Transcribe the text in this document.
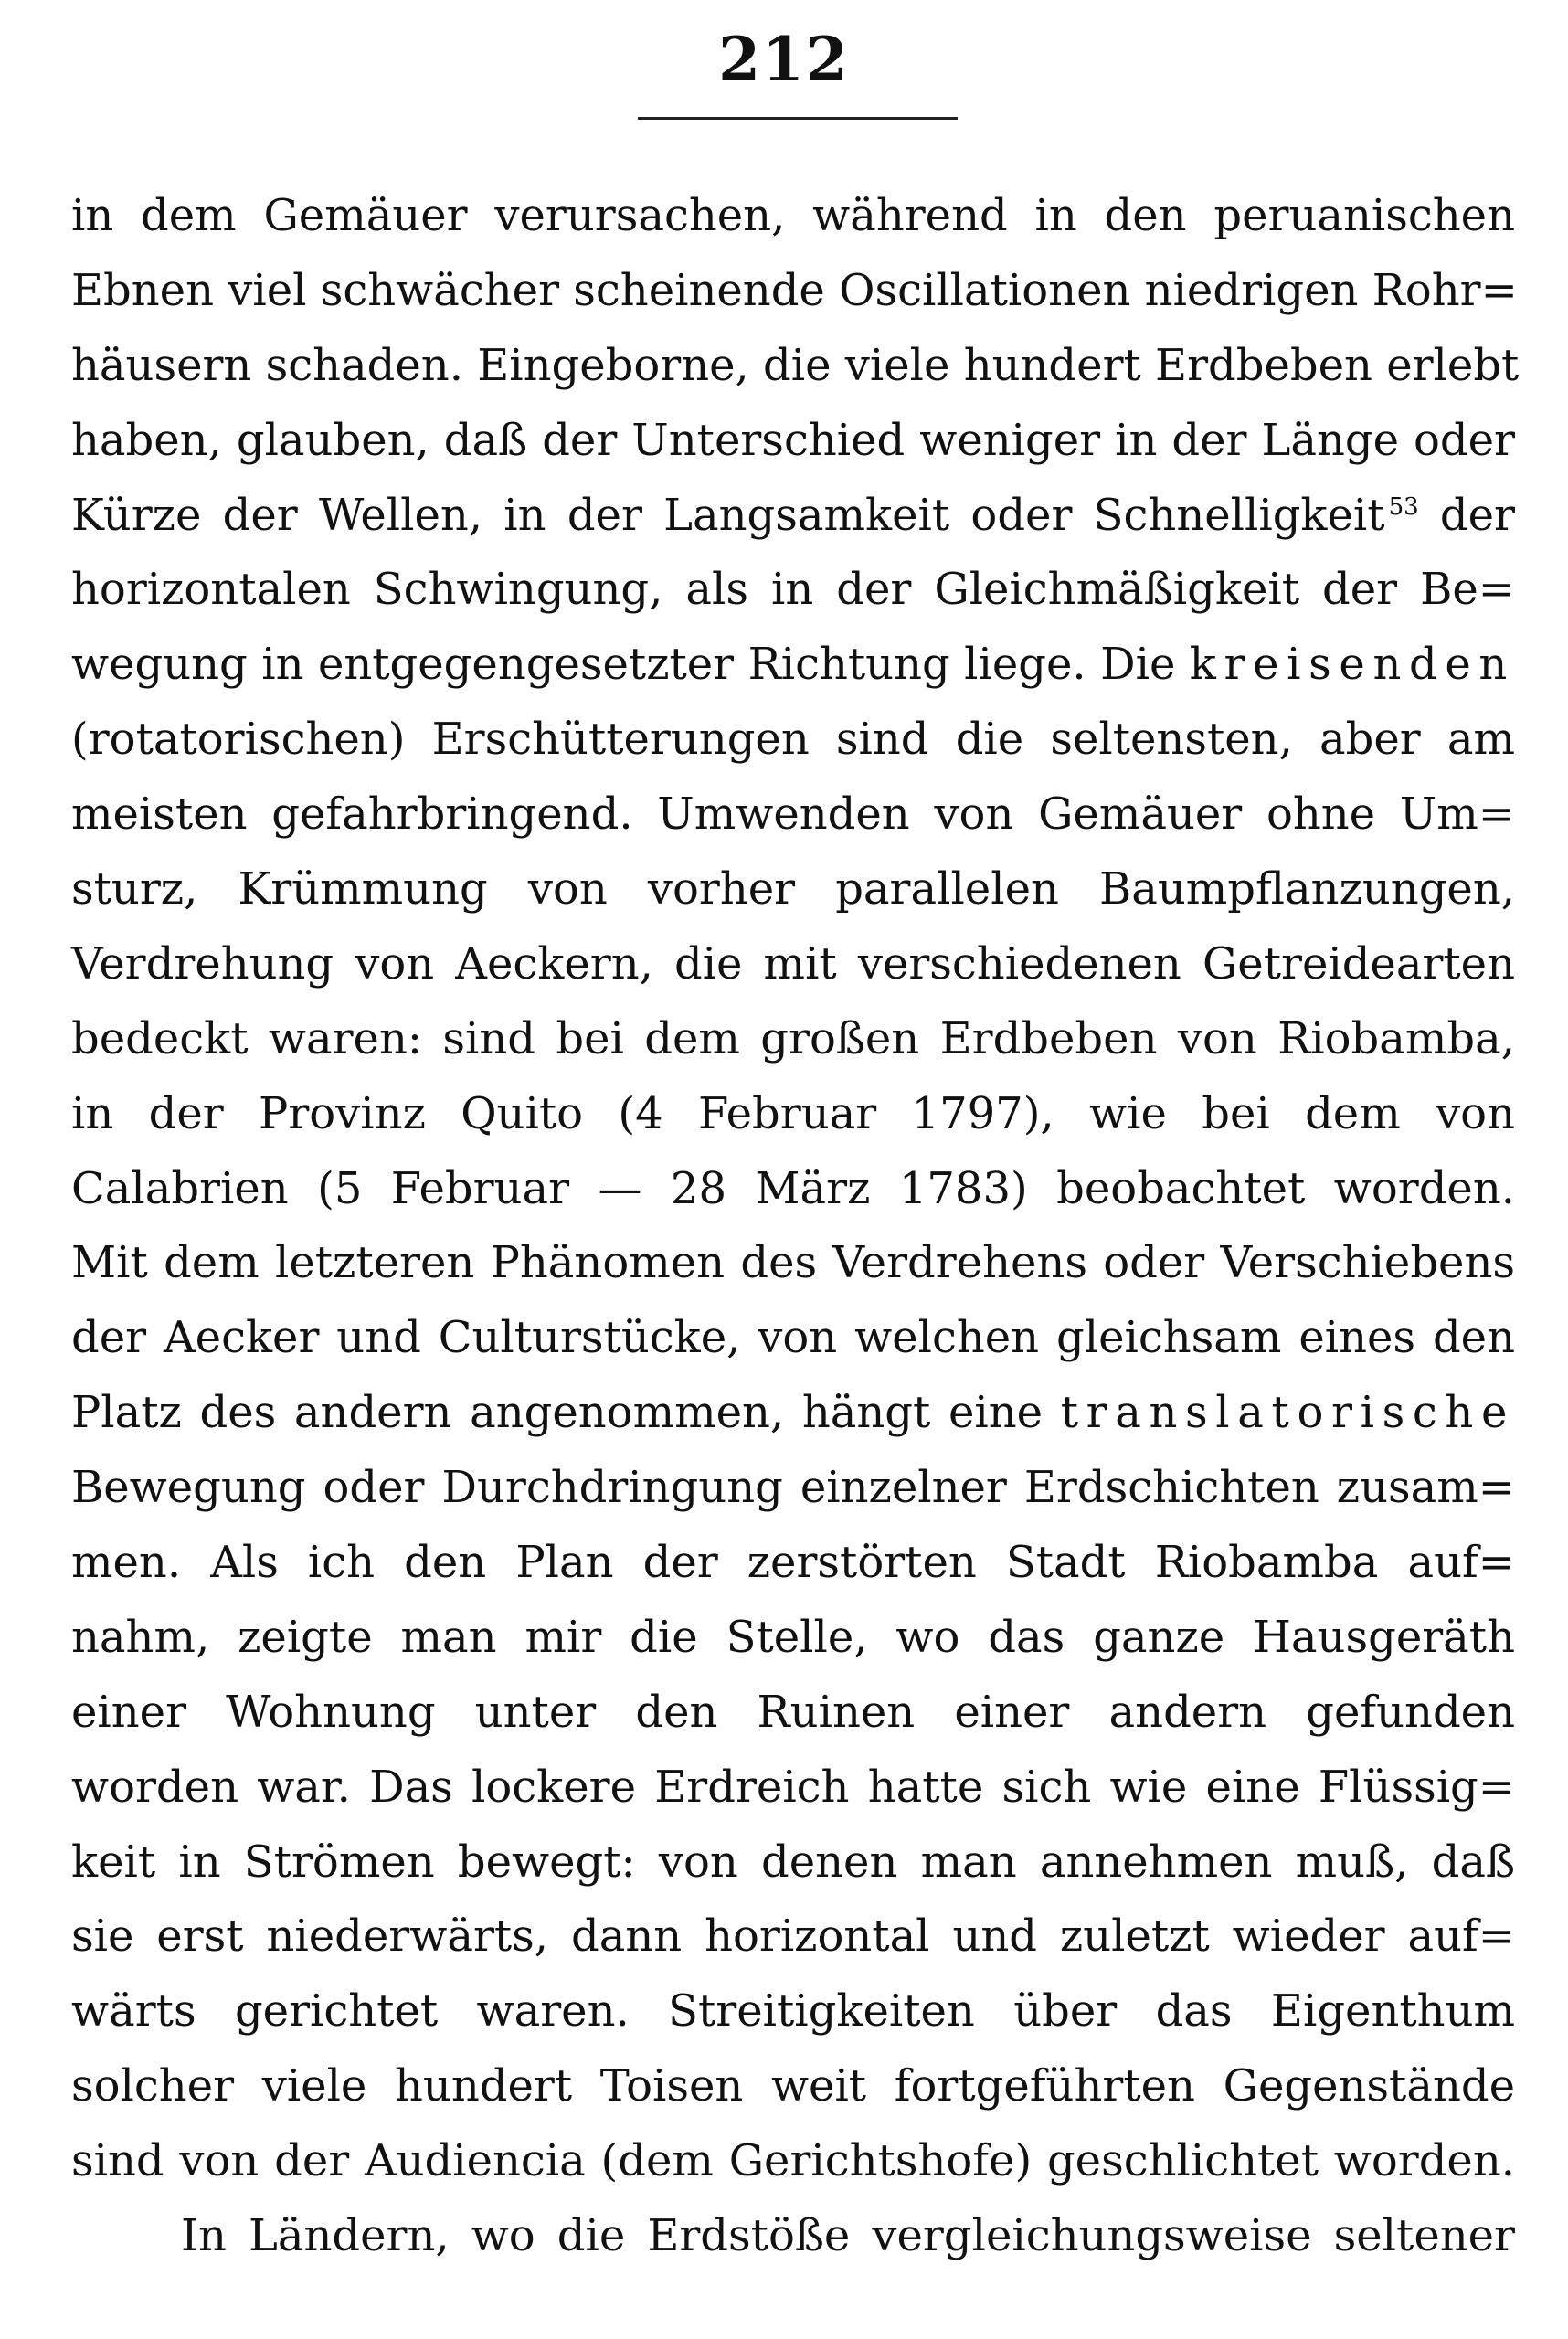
212
in dem Gemäuer verursachen, während in den peruanischen
Ebnen viel schwächer scheinende Oscillationen niedrigen Rohr=
häusern schaden. Eingeborne, die viele hundert Erdbeben erlebt
haben, glauben, daß der Unterschied weniger in der Länge oder
Kürze der Wellen, in der Langsamkeit oder Schnelligkeit $^{53}$ der
horizontalen Schwingung, als in der Gleichmäßigkeit der Be=
wegung in entgegengesetzter Richtung liege. Die kreisenden
(rotatorischen) Erschütterungen sind die seltensten, aber am
meisten gefahrbringend. Umwenden von Gemäuer ohne Um=
sturz, Krümmung von vorher parallelen Baumpflanzungen,
Verdrehung von Aeckern, die mit verschiedenen Getreidearten
bedeckt waren: sind bei dem großen Erdbeben von Riobamba,
in der Provinz Quito (4 Februar 1797), wie bei dem von
Calabrien (5 Februar — 28 März 1783) beobachtet worden.
Mit dem letzteren Phänomen des Verdrehens oder Verschiebens
der Aecker und Culturstücke, von welchen gleichsam eines den
Platz des andern angenommen, hängt eine translatorische
Bewegung oder Durchdringung einzelner Erdschichten zusam=
men. Als ich den Plan der zerstörten Stadt Riobamba auf=
nahm, zeigte man mir die Stelle, wo das ganze Hausgeräth
einer Wohnung unter den Ruinen einer andern gefunden
worden war. Das lockere Erdreich hatte sich wie eine Flüssig=
keit in Strömen bewegt: von denen man annehmen muß, daß
sie erst niederwärts, dann horizontal und zuletzt wieder auf=
wärts gerichtet waren. Streitigkeiten über das Eigenthum
solcher viele hundert Toisen weit fortgeführten Gegenstände
sind von der Audiencia (dem Gerichtshofe) geschlichtet worden.
In Ländern, wo die Erdstöße vergleichungsweise seltener
